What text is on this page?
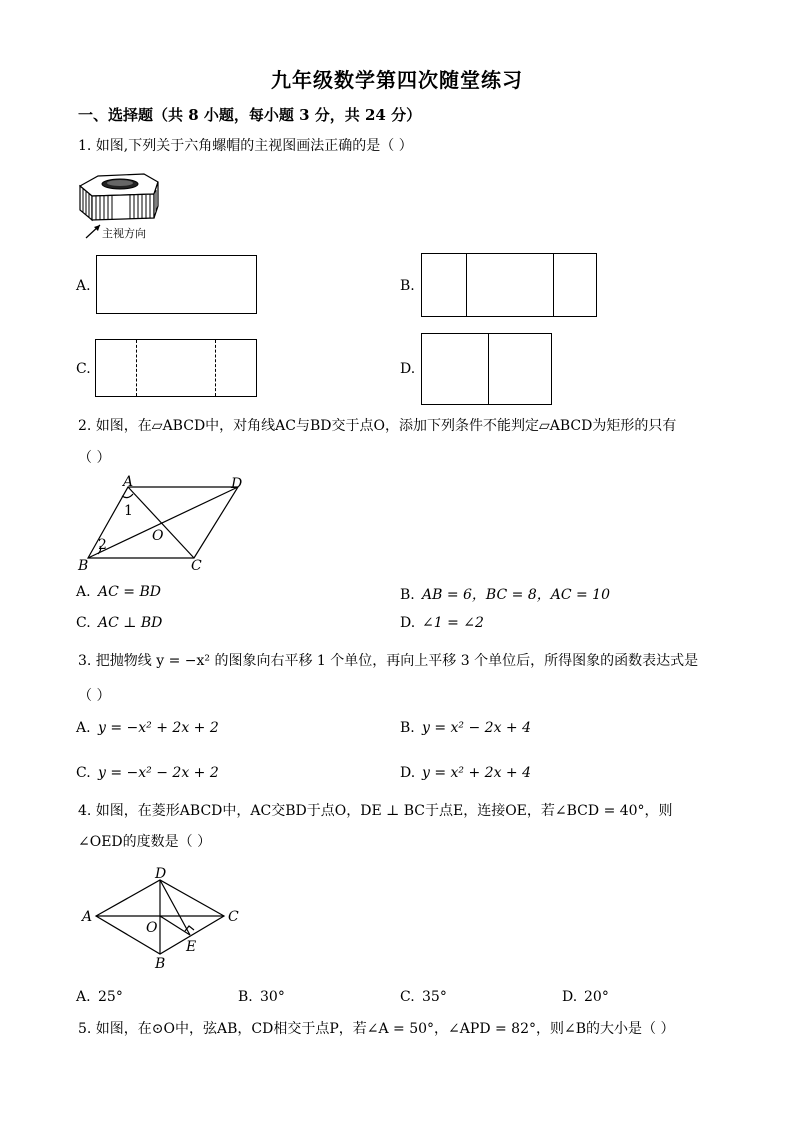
九年级数学第四次随堂练习
一、选择题（共 8 小题，每小题 3 分，共 24 分）
1. 如图,下列关于六角螺帽的主视图画法正确的是（ ）
主视方向
A.	B.
C.	D.
2. 如图，在▱ABCD中，对角线AC与BD交于点O，添加下列条件不能判定▱ABCD为矩形的只有
（ ）
A	D
C
B
O
1
2
A. AC = BD	B. AB = 6，BC = 8，AC = 10
C. AC ⊥ BD	D. ∠1 = ∠2
3. 把抛物线 y = −x² 的图象向右平移 1 个单位，再向上平移 3 个单位后，所得图象的函数表达式是
（ ）
A. y = −x² + 2x + 2	B. y = x² − 2x + 4
C. y = −x² − 2x + 2	D. y = x² + 2x + 4
4. 如图，在菱形ABCD中，AC交BD于点O，DE ⊥ BC于点E，连接OE，若∠BCD = 40°，则
∠OED的度数是（ ）
A
D
C
B
O
E
A. 25°	B. 30°	C. 35°	D. 20°
5. 如图，在⊙O中，弦AB，CD相交于点P，若∠A = 50°，∠APD = 82°，则∠B的大小是（ ）
